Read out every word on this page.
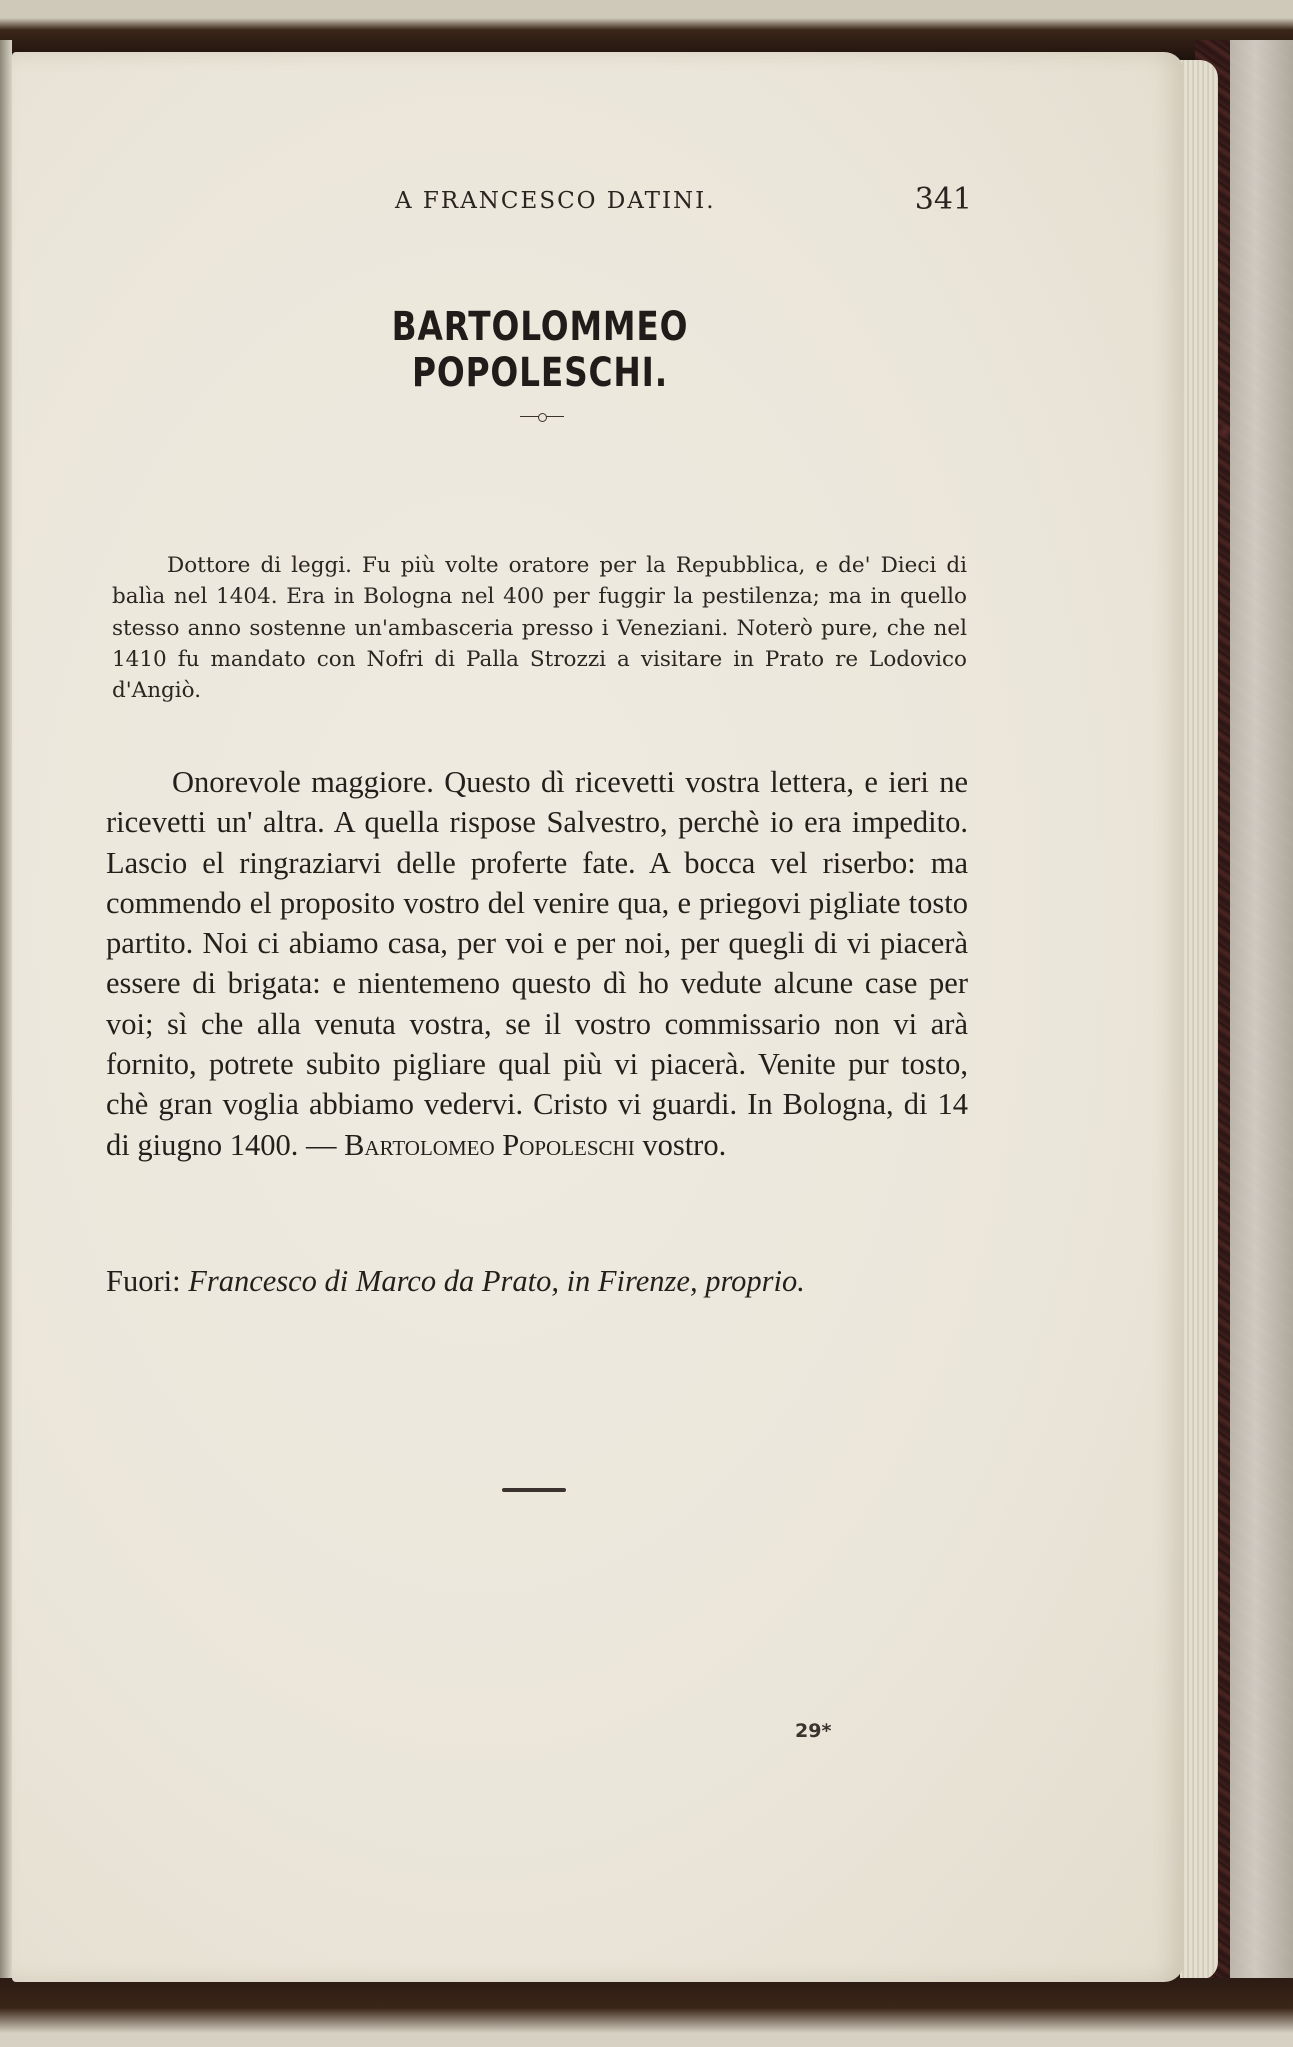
A FRANCESCO DATINI.	341
BARTOLOMMEO POPOLESCHI.

Dottore di leggi. Fu più volte oratore per la Repubblica, e de' Dieci di balìa nel 1404. Era in Bologna nel 400 per fuggir la pestilenza; ma in quello stesso anno sostenne un'ambasceria presso i Veneziani. Noterò pure, che nel 1410 fu mandato con Nofri di Palla Strozzi a visitare in Prato re Lodovico d'Angiò.

Onorevole maggiore. Questo dì ricevetti vostra lettera, e ieri ne ricevetti un' altra. A quella rispose Salvestro, perchè io era impedito. Lascio el ringraziarvi delle proferte fate. A bocca vel riserbo: ma commendo el proposito vostro del venire qua, e priegovi pigliate tosto partito. Noi ci abiamo casa, per voi e per noi, per quegli di vi piacerà essere di brigata: e nientemeno questo dì ho vedute alcune case per voi; sì che alla venuta vostra, se il vostro commissario non vi arà fornito, potrete subito pigliare qual più vi piacerà. Venite pur tosto, chè gran voglia abbiamo vedervi. Cristo vi guardi. In Bologna, di 14 di giugno 1400. — Bartolomeo Popoleschi vostro.

Fuori: Francesco di Marco da Prato, in Firenze, proprio.
29*
